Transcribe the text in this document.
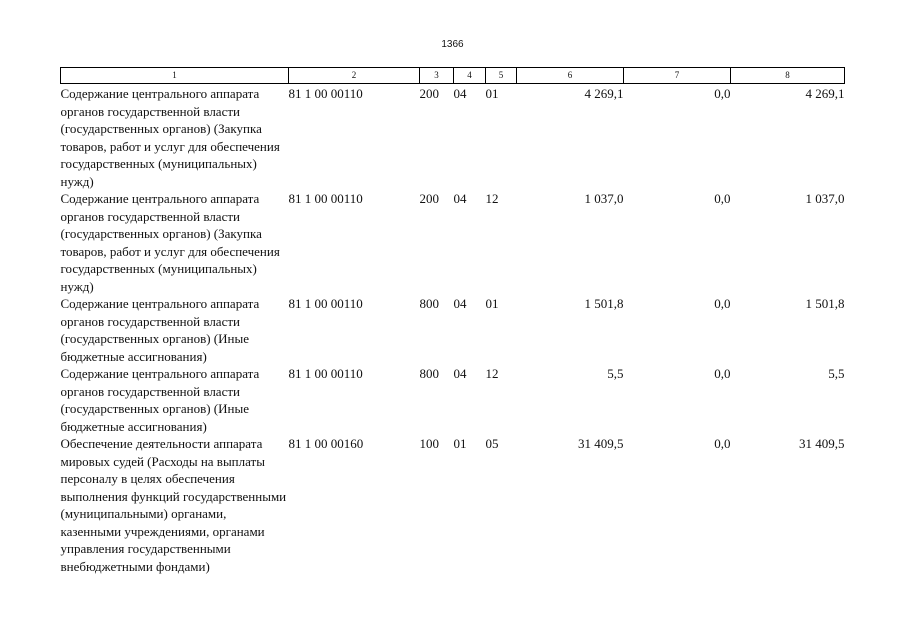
1366
1	2	3	4	5	6	7	8
Содержание центрального аппарата органов государственной власти (государственных органов) (Закупка товаров, работ и услуг для обеспечения государственных (муниципальных) нужд)	81 1 00 00110	200	04	01	4 269,1	0,0	4 269,1
Содержание центрального аппарата органов государственной власти (государственных органов) (Закупка товаров, работ и услуг для обеспечения государственных (муниципальных) нужд)	81 1 00 00110	200	04	12	1 037,0	0,0	1 037,0
Содержание центрального аппарата органов государственной власти (государственных органов) (Иные бюджетные ассигнования)	81 1 00 00110	800	04	01	1 501,8	0,0	1 501,8
Содержание центрального аппарата органов государственной власти (государственных органов) (Иные бюджетные ассигнования)	81 1 00 00110	800	04	12	5,5	0,0	5,5
Обеспечение деятельности аппарата мировых судей (Расходы на выплаты персоналу в целях обеспечения выполнения функций государственными (муниципальными) органами, казенными учреждениями, органами управления государственными внебюджетными фондами)	81 1 00 00160	100	01	05	31 409,5	0,0	31 409,5
